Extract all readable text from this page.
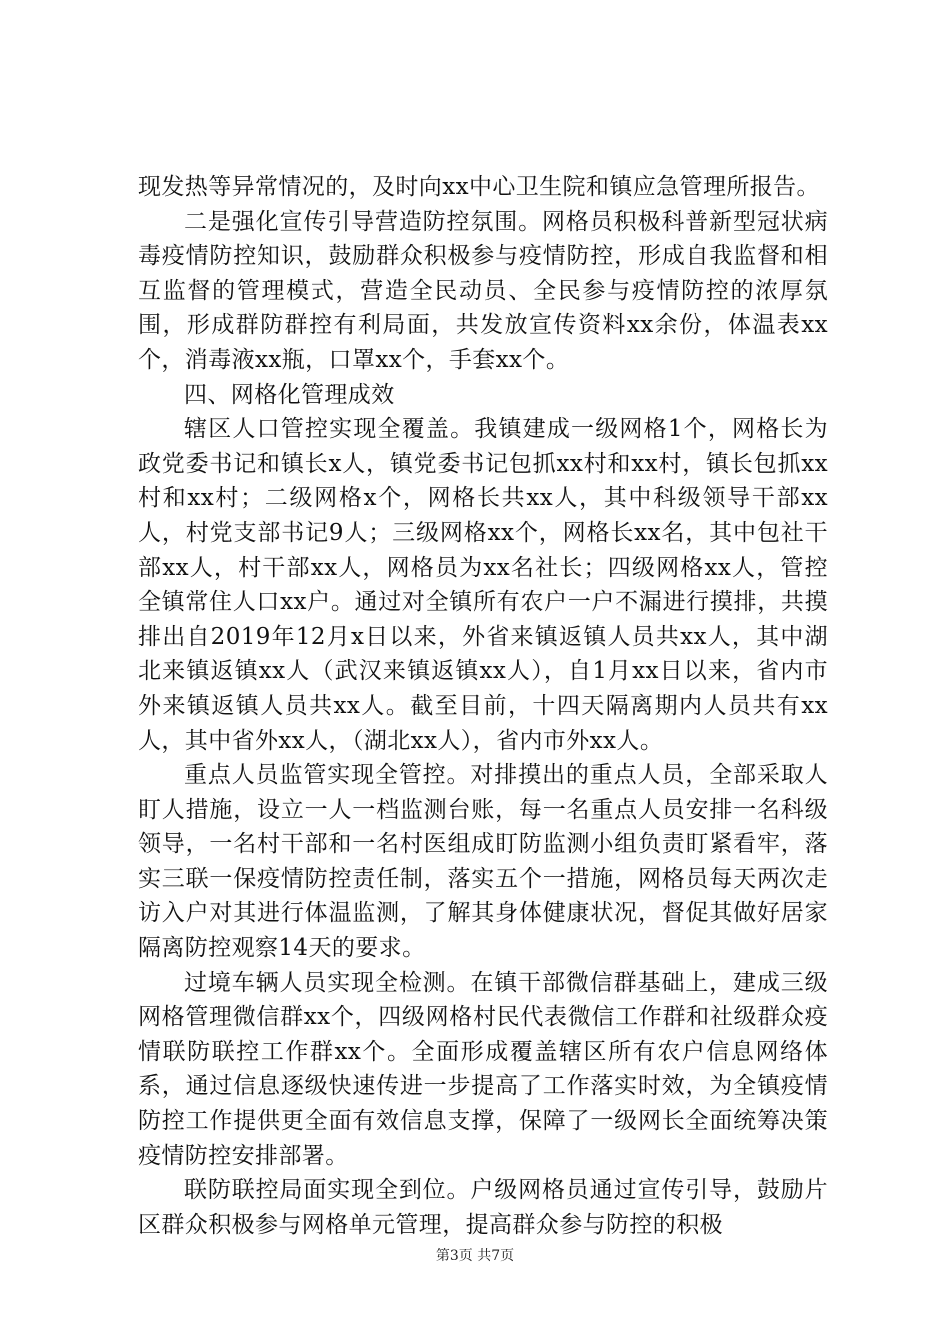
现发热等异常情况的，及时向xx中心卫生院和镇应急管理所报告。

二是强化宣传引导营造防控氛围。网格员积极科普新型冠状病毒疫情防控知识，鼓励群众积极参与疫情防控，形成自我监督和相互监督的管理模式，营造全民动员、全民参与疫情防控的浓厚氛围，形成群防群控有利局面，共发放宣传资料xx余份，体温表xx个，消毒液xx瓶，口罩xx个，手套xx个。

四、网格化管理成效

辖区人口管控实现全覆盖。我镇建成一级网格1个，网格长为政党委书记和镇长x人，镇党委书记包抓xx村和xx村，镇长包抓xx村和xx村；二级网格x个，网格长共xx人，其中科级领导干部xx人，村党支部书记9人；三级网格xx个，网格长xx名，其中包社干部xx人，村干部xx人，网格员为xx名社长；四级网格xx人，管控全镇常住人口xx户。通过对全镇所有农户一户不漏进行摸排，共摸排出自2019年12月x日以来，外省来镇返镇人员共xx人，其中湖北来镇返镇xx人（武汉来镇返镇xx人），自1月xx日以来，省内市外来镇返镇人员共xx人。截至目前，十四天隔离期内人员共有xx人，其中省外xx人，（湖北xx人），省内市外xx人。

重点人员监管实现全管控。对排摸出的重点人员，全部采取人盯人措施，设立一人一档监测台账，每一名重点人员安排一名科级领导，一名村干部和一名村医组成盯防监测小组负责盯紧看牢，落实三联一保疫情防控责任制，落实五个一措施，网格员每天两次走访入户对其进行体温监测，了解其身体健康状况，督促其做好居家隔离防控观察14天的要求。

过境车辆人员实现全检测。在镇干部微信群基础上，建成三级网格管理微信群xx个，四级网格村民代表微信工作群和社级群众疫情联防联控工作群xx个。全面形成覆盖辖区所有农户信息网络体系，通过信息逐级快速传进一步提高了工作落实时效，为全镇疫情防控工作提供更全面有效信息支撑，保障了一级网长全面统筹决策疫情防控安排部署。

联防联控局面实现全到位。户级网格员通过宣传引导，鼓励片区群众积极参与网格单元管理，提高群众参与防控的积极

第3页 共7页
